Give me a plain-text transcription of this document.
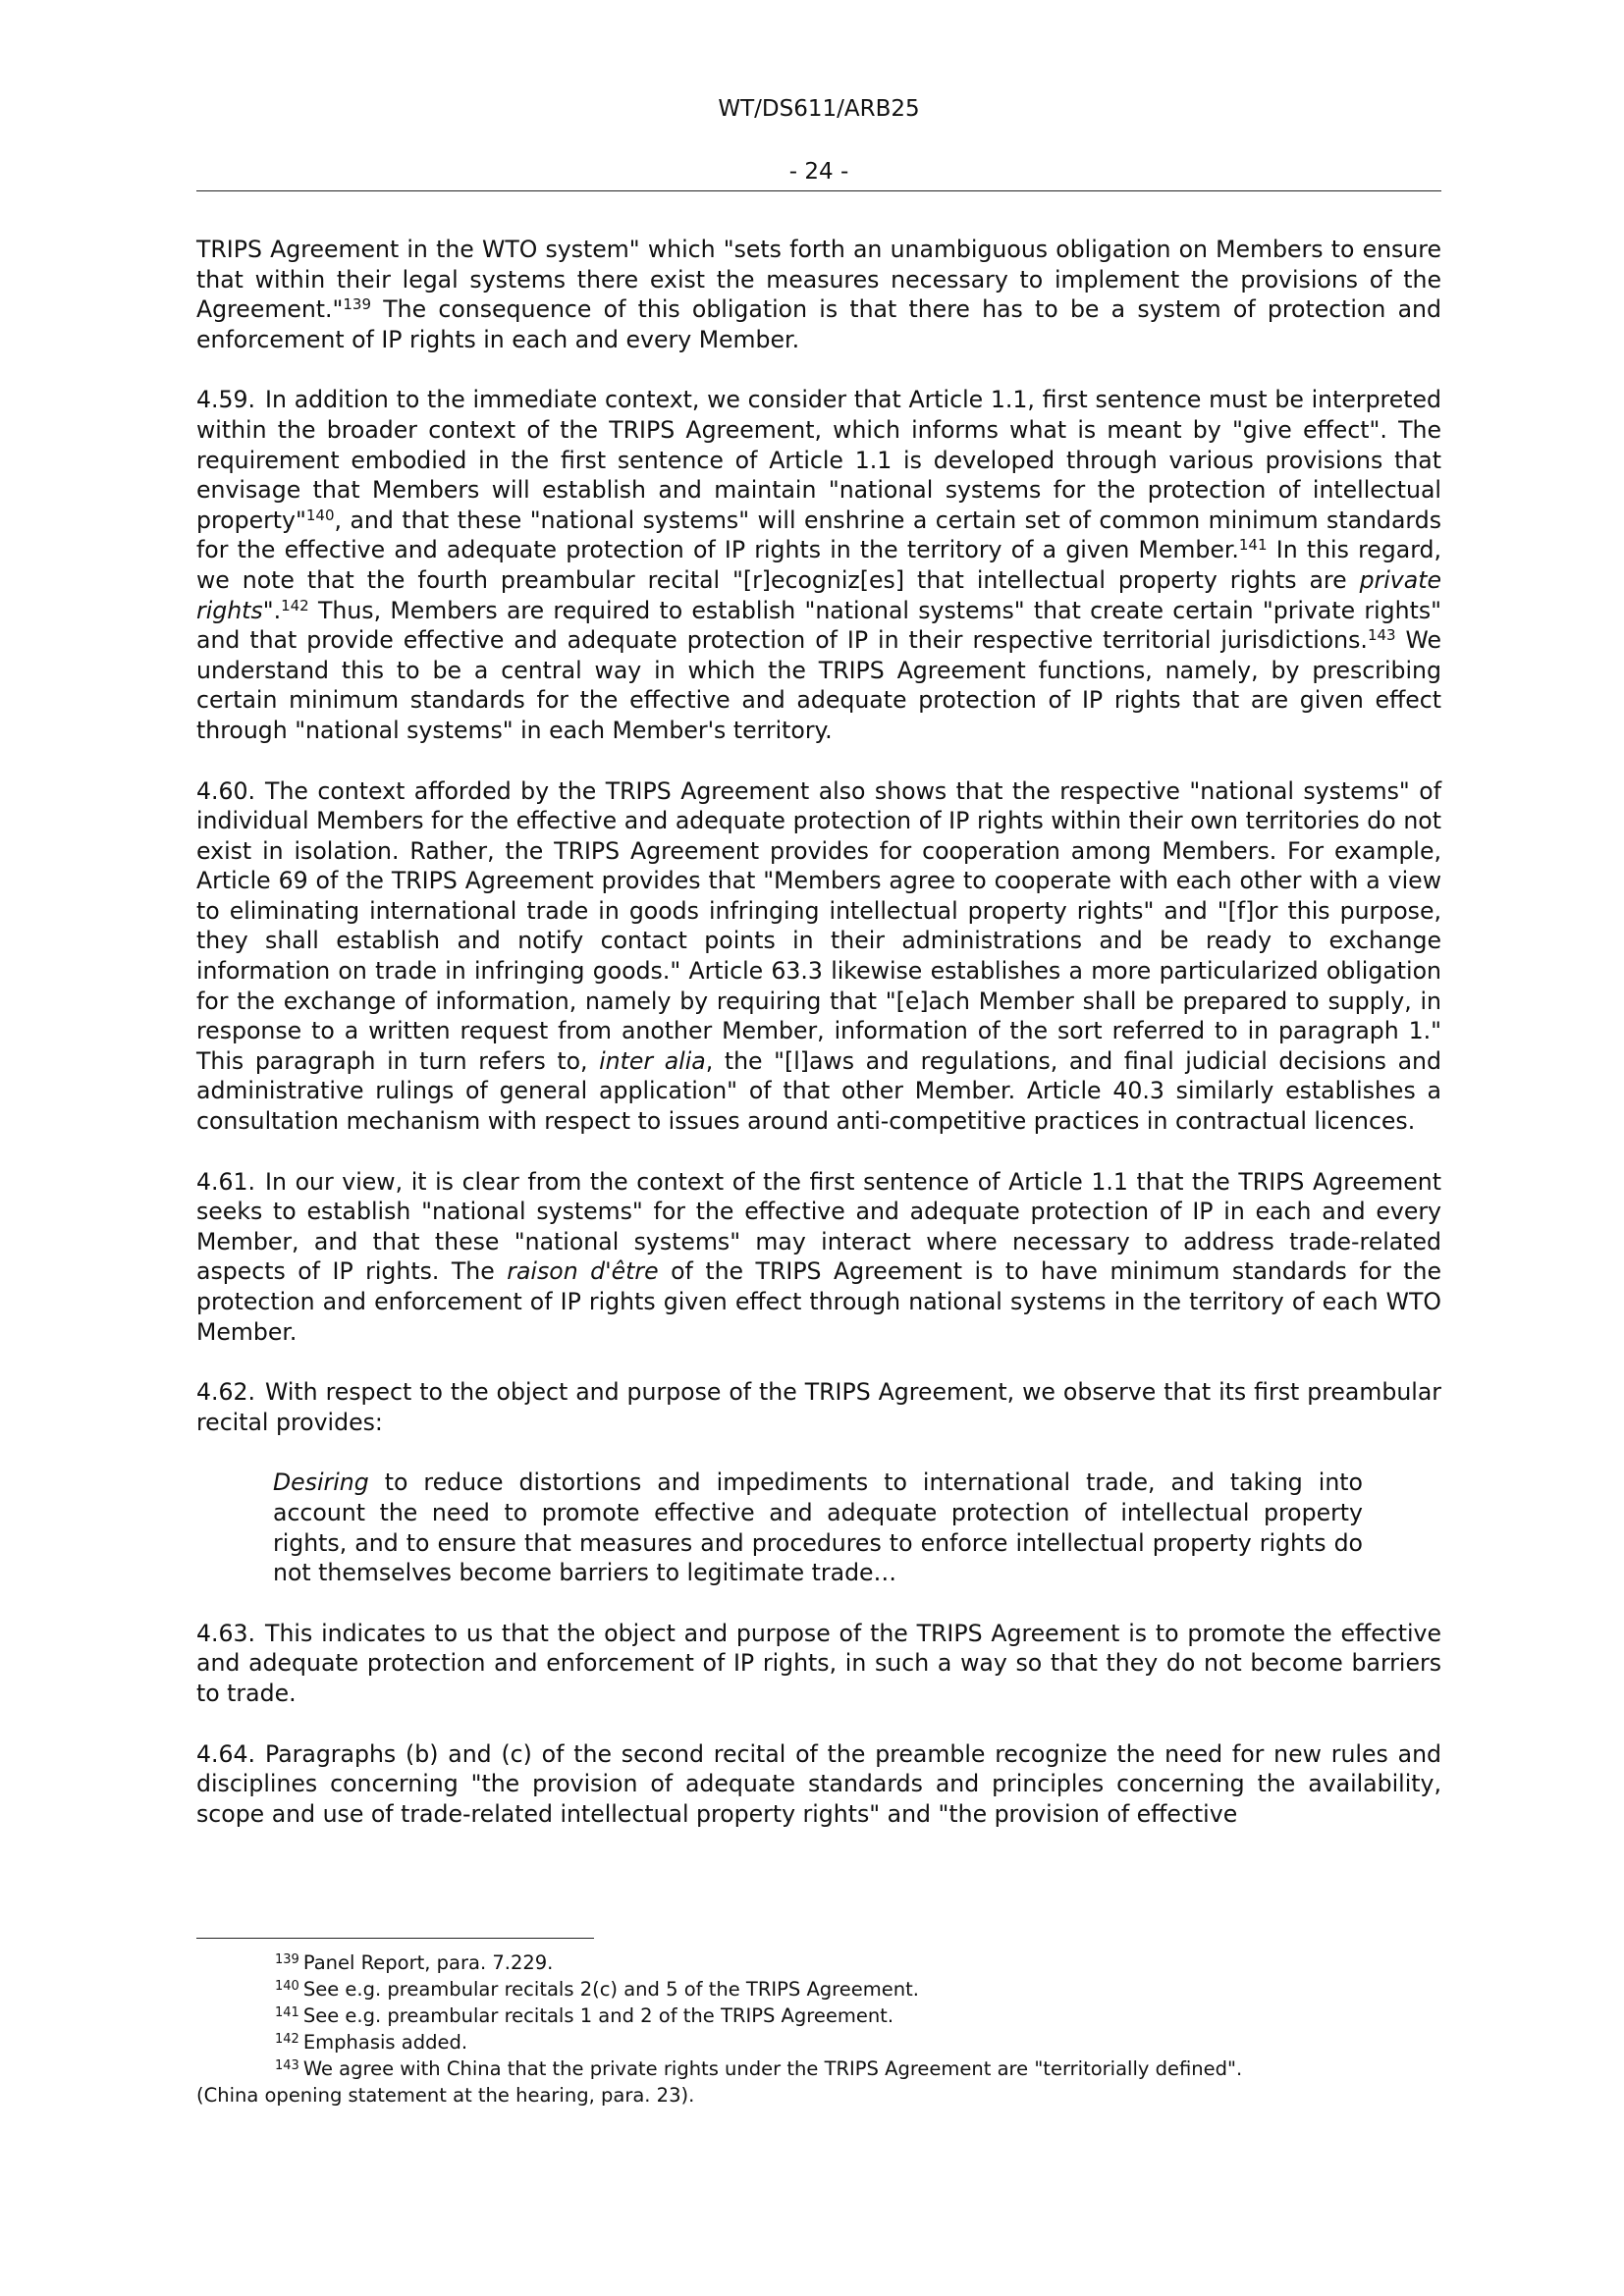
WT/DS611/ARB25
- 24 -

TRIPS Agreement in the WTO system" which "sets forth an unambiguous obligation on Members to ensure that within their legal systems there exist the measures necessary to implement the provisions of the Agreement."$^{139}$ The consequence of this obligation is that there has to be a system of protection and enforcement of IP rights in each and every Member.

4.59. In addition to the immediate context, we consider that Article 1.1, first sentence must be interpreted within the broader context of the TRIPS Agreement, which informs what is meant by "give effect". The requirement embodied in the first sentence of Article 1.1 is developed through various provisions that envisage that Members will establish and maintain "national systems for the protection of intellectual property"$^{140}$, and that these "national systems" will enshrine a certain set of common minimum standards for the effective and adequate protection of IP rights in the territory of a given Member.$^{141}$ In this regard, we note that the fourth preambular recital "[r]ecogniz[es] that intellectual property rights are private rights".$^{142}$ Thus, Members are required to establish "national systems" that create certain "private rights" and that provide effective and adequate protection of IP in their respective territorial jurisdictions.$^{143}$ We understand this to be a central way in which the TRIPS Agreement functions, namely, by prescribing certain minimum standards for the effective and adequate protection of IP rights that are given effect through "national systems" in each Member's territory.

4.60. The context afforded by the TRIPS Agreement also shows that the respective "national systems" of individual Members for the effective and adequate protection of IP rights within their own territories do not exist in isolation. Rather, the TRIPS Agreement provides for cooperation among Members. For example, Article 69 of the TRIPS Agreement provides that "Members agree to cooperate with each other with a view to eliminating international trade in goods infringing intellectual property rights" and "[f]or this purpose, they shall establish and notify contact points in their administrations and be ready to exchange information on trade in infringing goods." Article 63.3 likewise establishes a more particularized obligation for the exchange of information, namely by requiring that "[e]ach Member shall be prepared to supply, in response to a written request from another Member, information of the sort referred to in paragraph 1." This paragraph in turn refers to, inter alia, the "[l]aws and regulations, and final judicial decisions and administrative rulings of general application" of that other Member. Article 40.3 similarly establishes a consultation mechanism with respect to issues around anti-competitive practices in contractual licences.

4.61. In our view, it is clear from the context of the first sentence of Article 1.1 that the TRIPS Agreement seeks to establish "national systems" for the effective and adequate protection of IP in each and every Member, and that these "national systems" may interact where necessary to address trade-related aspects of IP rights. The raison d'être of the TRIPS Agreement is to have minimum standards for the protection and enforcement of IP rights given effect through national systems in the territory of each WTO Member.

4.62. With respect to the object and purpose of the TRIPS Agreement, we observe that its first preambular recital provides:

Desiring to reduce distortions and impediments to international trade, and taking into account the need to promote effective and adequate protection of intellectual property rights, and to ensure that measures and procedures to enforce intellectual property rights do not themselves become barriers to legitimate trade…

4.63. This indicates to us that the object and purpose of the TRIPS Agreement is to promote the effective and adequate protection and enforcement of IP rights, in such a way so that they do not become barriers to trade.

4.64. Paragraphs (b) and (c) of the second recital of the preamble recognize the need for new rules and disciplines concerning "the provision of adequate standards and principles concerning the availability, scope and use of trade-related intellectual property rights" and "the provision of effective

$^{139}$ Panel Report, para. 7.229.

$^{140}$ See e.g. preambular recitals 2(c) and 5 of the TRIPS Agreement.

$^{141}$ See e.g. preambular recitals 1 and 2 of the TRIPS Agreement.

$^{142}$ Emphasis added.

$^{143}$ We agree with China that the private rights under the TRIPS Agreement are "territorially defined".

(China opening statement at the hearing, para. 23).
